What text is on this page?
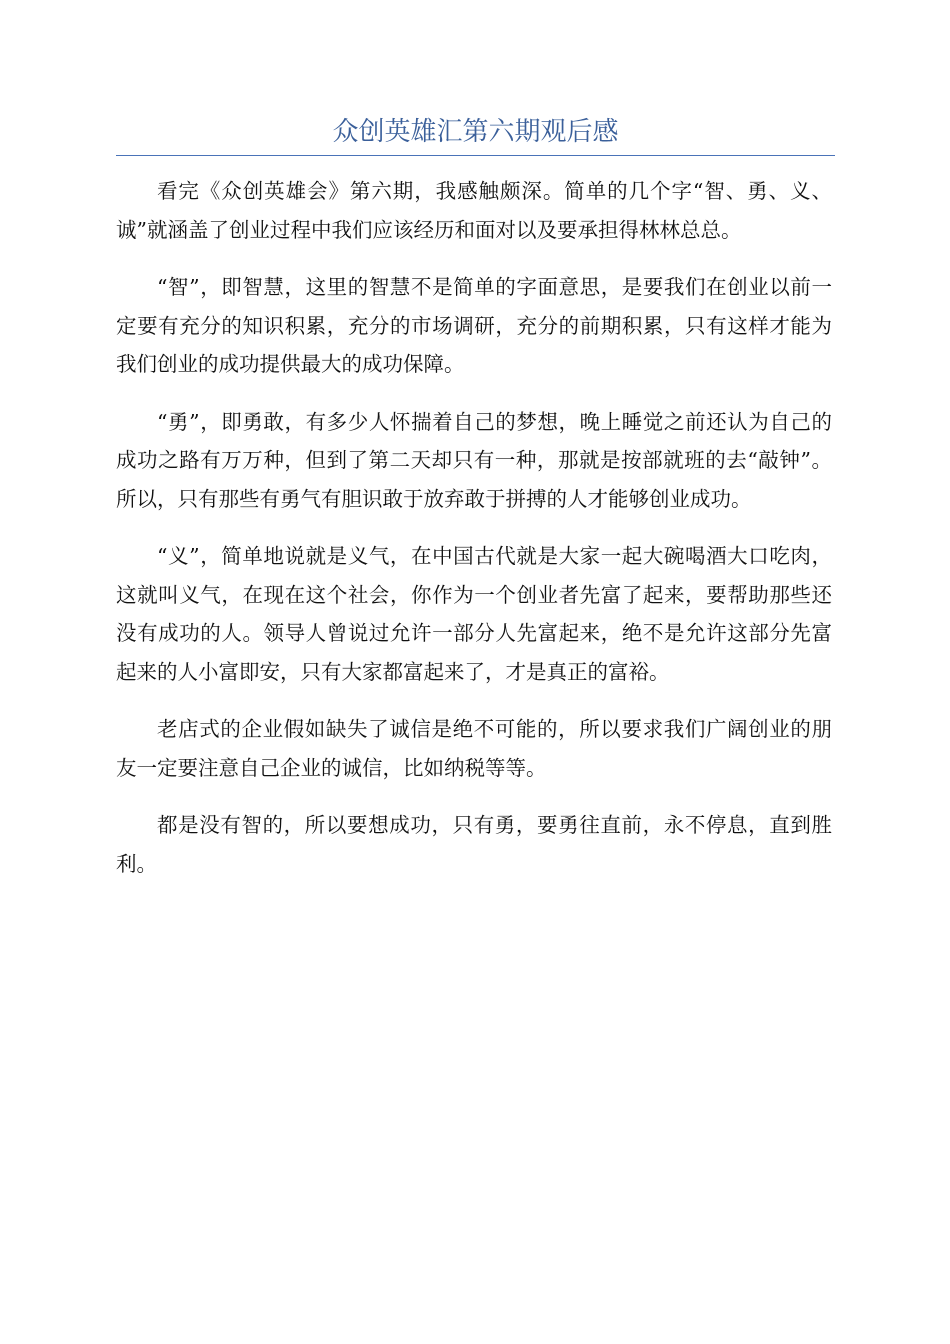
众创英雄汇第六期观后感

看完《众创英雄会》第六期，我感触颇深。简单的几个字“智、勇、义、诚”就涵盖了创业过程中我们应该经历和面对以及要承担得林林总总。

“智”，即智慧，这里的智慧不是简单的字面意思，是要我们在创业以前一定要有充分的知识积累，充分的市场调研，充分的前期积累，只有这样才能为我们创业的成功提供最大的成功保障。

“勇”，即勇敢，有多少人怀揣着自己的梦想，晚上睡觉之前还认为自己的成功之路有万万种，但到了第二天却只有一种，那就是按部就班的去“敲钟”。所以，只有那些有勇气有胆识敢于放弃敢于拼搏的人才能够创业成功。

“义”，简单地说就是义气，在中国古代就是大家一起大碗喝酒大口吃肉，这就叫义气，在现在这个社会，你作为一个创业者先富了起来，要帮助那些还没有成功的人。领导人曾说过允许一部分人先富起来，绝不是允许这部分先富起来的人小富即安，只有大家都富起来了，才是真正的富裕。

老店式的企业假如缺失了诚信是绝不可能的，所以要求我们广阔创业的朋友一定要注意自己企业的诚信，比如纳税等等。

都是没有智的，所以要想成功，只有勇，要勇往直前，永不停息，直到胜利。
